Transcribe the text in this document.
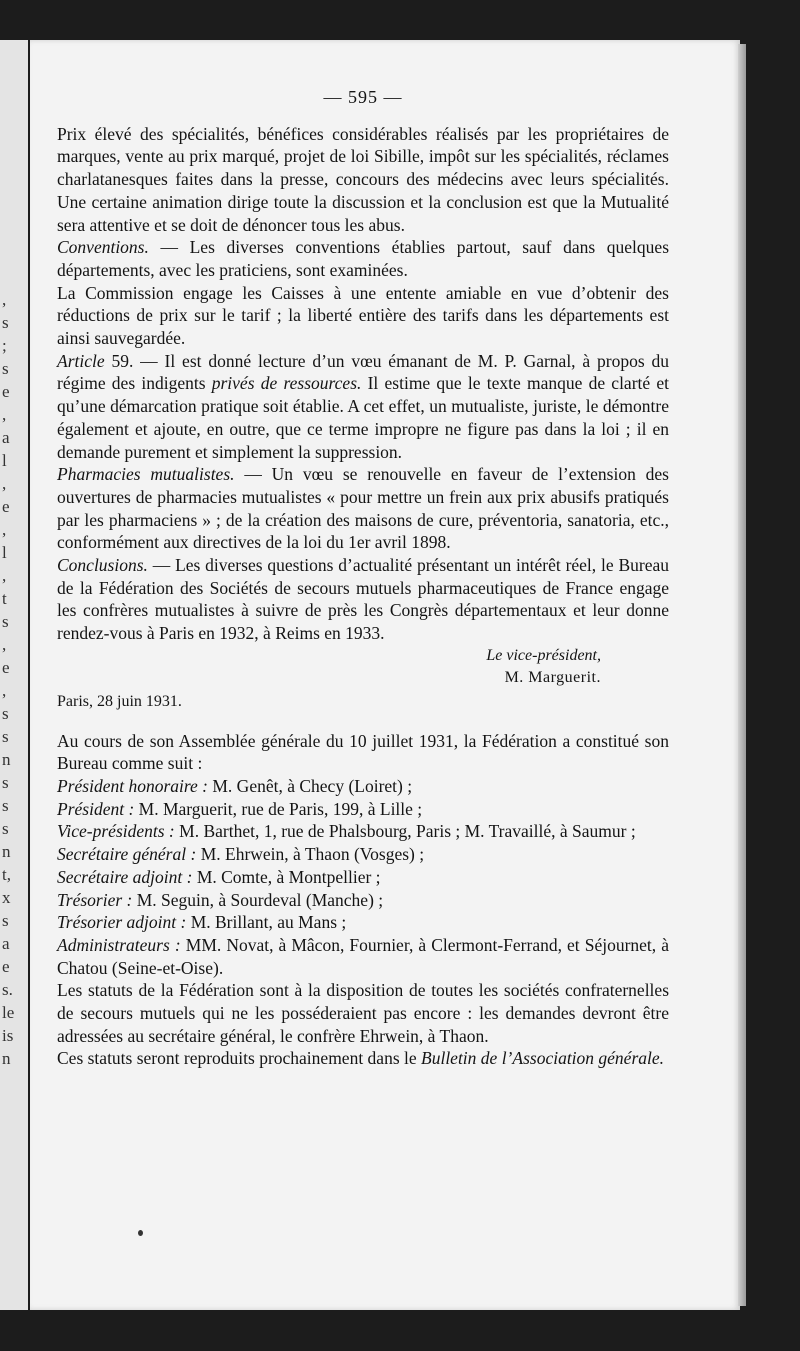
,
s
;
s
e
,
a
l
,
e
,
l
,
t
s
,
e
,
s
s
n
s
s
s
n
t,
x
s
a
e
s.
le
is
n
— 595 —

Prix élevé des spécialités, bénéfices considérables réalisés par les propriétaires de marques, vente au prix marqué, projet de loi Sibille, impôt sur les spécialités, réclames charlatanesques faites dans la presse, concours des médecins avec leurs spécialités. Une certaine animation dirige toute la discussion et la conclusion est que la Mutualité sera attentive et se doit de dénoncer tous les abus.

Conventions. — Les diverses conventions établies partout, sauf dans quelques départements, avec les praticiens, sont examinées.

La Commission engage les Caisses à une entente amiable en vue d’obtenir des réductions de prix sur le tarif ; la liberté entière des tarifs dans les départements est ainsi sauvegardée.

Article 59. — Il est donné lecture d’un vœu émanant de M. P. Garnal, à propos du régime des indigents privés de ressources. Il estime que le texte manque de clarté et qu’une démarcation pratique soit établie. A cet effet, un mutualiste, juriste, le démontre également et ajoute, en outre, que ce terme impropre ne figure pas dans la loi ; il en demande purement et simplement la suppression.

Pharmacies mutualistes. — Un vœu se renouvelle en faveur de l’extension des ouvertures de pharmacies mutualistes « pour mettre un frein aux prix abusifs pratiqués par les pharmaciens » ; de la création des maisons de cure, préventoria, sanatoria, etc., conformément aux directives de la loi du 1er avril 1898.

Conclusions. — Les diverses questions d’actualité présentant un intérêt réel, le Bureau de la Fédération des Sociétés de secours mutuels pharmaceutiques de France engage les confrères mutualistes à suivre de près les Congrès départementaux et leur donne rendez-vous à Paris en 1932, à Reims en 1933.

Le vice-président,
M. Marguerit.
Paris, 28 juin 1931.

Au cours de son Assemblée générale du 10 juillet 1931, la Fédération a constitué son Bureau comme suit :

Président honoraire : M. Genêt, à Checy (Loiret) ;
Président : M. Marguerit, rue de Paris, 199, à Lille ;
Vice-présidents : M. Barthet, 1, rue de Phalsbourg, Paris ; M. Travaillé, à Saumur ;
Secrétaire général : M. Ehrwein, à Thaon (Vosges) ;
Secrétaire adjoint : M. Comte, à Montpellier ;
Trésorier : M. Seguin, à Sourdeval (Manche) ;
Trésorier adjoint : M. Brillant, au Mans ;
Administrateurs : MM. Novat, à Mâcon, Fournier, à Clermont-Ferrand, et Séjournet, à Chatou (Seine-et-Oise).

Les statuts de la Fédération sont à la disposition de toutes les sociétés confraternelles de secours mutuels qui ne les posséderaient pas encore : les demandes devront être adressées au secrétaire général, le confrère Ehrwein, à Thaon.

Ces statuts seront reproduits prochainement dans le Bulletin de l’Association générale.
